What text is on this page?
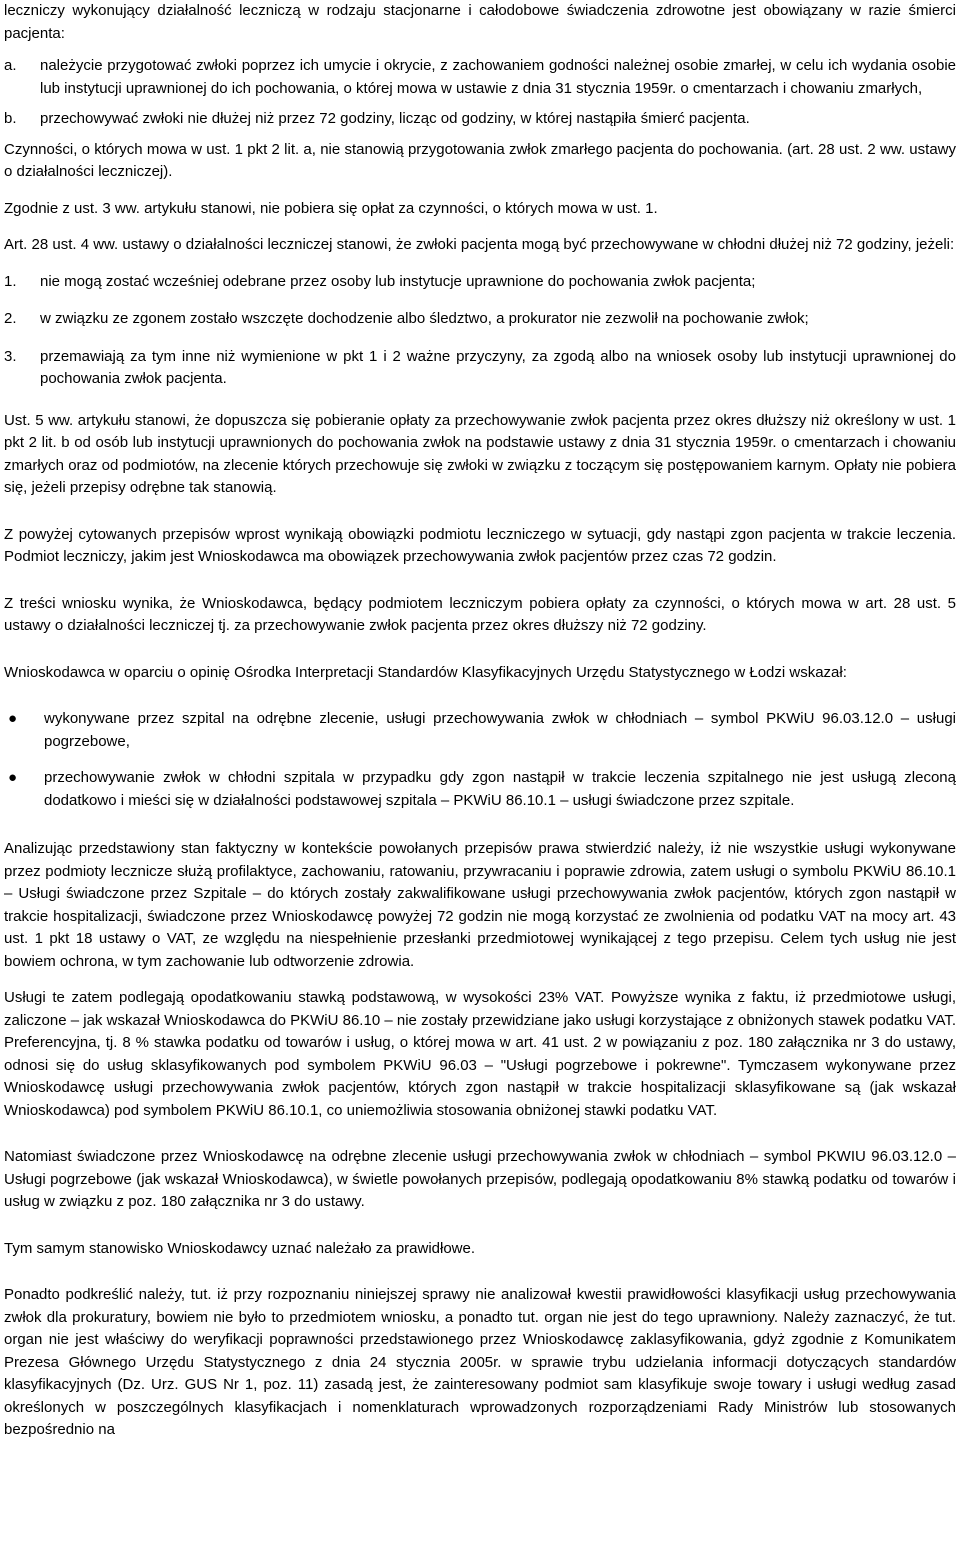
leczniczy wykonujący działalność leczniczą w rodzaju stacjonarne i całodobowe świadczenia zdrowotne jest obowiązany w razie śmierci pacjenta:

a.	należycie przygotować zwłoki poprzez ich umycie i okrycie, z zachowaniem godności należnej osobie zmarłej, w celu ich wydania osobie lub instytucji uprawnionej do ich pochowania, o której mowa w ustawie z dnia 31 stycznia 1959r. o cmentarzach i chowaniu zmarłych,
b.	przechowywać zwłoki nie dłużej niż przez 72 godziny, licząc od godziny, w której nastąpiła śmierć pacjenta.

Czynności, o których mowa w ust. 1 pkt 2 lit. a, nie stanowią przygotowania zwłok zmarłego pacjenta do pochowania. (art. 28 ust. 2 ww. ustawy o działalności leczniczej).

Zgodnie z ust. 3 ww. artykułu stanowi, nie pobiera się opłat za czynności, o których mowa w ust. 1.

Art. 28 ust. 4 ww. ustawy o działalności leczniczej stanowi, że zwłoki pacjenta mogą być przechowywane w chłodni dłużej niż 72 godziny, jeżeli:

1.	nie mogą zostać wcześniej odebrane przez osoby lub instytucje uprawnione do pochowania zwłok pacjenta;
2.	w związku ze zgonem zostało wszczęte dochodzenie albo śledztwo, a prokurator nie zezwolił na pochowanie zwłok;
3.	przemawiają za tym inne niż wymienione w pkt 1 i 2 ważne przyczyny, za zgodą albo na wniosek osoby lub instytucji uprawnionej do pochowania zwłok pacjenta.

Ust. 5 ww. artykułu stanowi, że dopuszcza się pobieranie opłaty za przechowywanie zwłok pacjenta przez okres dłuższy niż określony w ust. 1 pkt 2 lit. b od osób lub instytucji uprawnionych do pochowania zwłok na podstawie ustawy z dnia 31 stycznia 1959r. o cmentarzach i chowaniu zmarłych oraz od podmiotów, na zlecenie których przechowuje się zwłoki w związku z toczącym się postępowaniem karnym. Opłaty nie pobiera się, jeżeli przepisy odrębne tak stanowią.

Z powyżej cytowanych przepisów wprost wynikają obowiązki podmiotu leczniczego w sytuacji, gdy nastąpi zgon pacjenta w trakcie leczenia. Podmiot leczniczy, jakim jest Wnioskodawca ma obowiązek przechowywania zwłok pacjentów przez czas 72 godzin.

Z treści wniosku wynika, że Wnioskodawca, będący podmiotem leczniczym pobiera opłaty za czynności, o których mowa w art. 28 ust. 5 ustawy o działalności leczniczej tj. za przechowywanie zwłok pacjenta przez okres dłuższy niż 72 godziny.

Wnioskodawca w oparciu o opinię Ośrodka Interpretacji Standardów Klasyfikacyjnych Urzędu Statystycznego w Łodzi wskazał:

●	wykonywane przez szpital na odrębne zlecenie, usługi przechowywania zwłok w chłodniach – symbol PKWiU 96.03.12.0 – usługi pogrzebowe,
●	przechowywanie zwłok w chłodni szpitala w przypadku gdy zgon nastąpił w trakcie leczenia szpitalnego nie jest usługą zleconą dodatkowo i mieści się w działalności podstawowej szpitala – PKWiU 86.10.1 – usługi świadczone przez szpitale.

Analizując przedstawiony stan faktyczny w kontekście powołanych przepisów prawa stwierdzić należy, iż nie wszystkie usługi wykonywane przez podmioty lecznicze służą profilaktyce, zachowaniu, ratowaniu, przywracaniu i poprawie zdrowia, zatem usługi o symbolu PKWiU 86.10.1 – Usługi świadczone przez Szpitale – do których zostały zakwalifikowane usługi przechowywania zwłok pacjentów, których zgon nastąpił w trakcie hospitalizacji, świadczone przez Wnioskodawcę powyżej 72 godzin nie mogą korzystać ze zwolnienia od podatku VAT na mocy art. 43 ust. 1 pkt 18 ustawy o VAT, ze względu na niespełnienie przesłanki przedmiotowej wynikającej z tego przepisu. Celem tych usług nie jest bowiem ochrona, w tym zachowanie lub odtworzenie zdrowia.

Usługi te zatem podlegają opodatkowaniu stawką podstawową, w wysokości 23% VAT. Powyższe wynika z faktu, iż przedmiotowe usługi, zaliczone – jak wskazał Wnioskodawca do PKWiU 86.10 – nie zostały przewidziane jako usługi korzystające z obniżonych stawek podatku VAT. Preferencyjna, tj. 8 % stawka podatku od towarów i usług, o której mowa w art. 41 ust. 2 w powiązaniu z poz. 180 załącznika nr 3 do ustawy, odnosi się do usług sklasyfikowanych pod symbolem PKWiU 96.03 – "Usługi pogrzebowe i pokrewne". Tymczasem wykonywane przez Wnioskodawcę usługi przechowywania zwłok pacjentów, których zgon nastąpił w trakcie hospitalizacji sklasyfikowane są (jak wskazał Wnioskodawca) pod symbolem PKWiU 86.10.1, co uniemożliwia stosowania obniżonej stawki podatku VAT.

Natomiast świadczone przez Wnioskodawcę na odrębne zlecenie usługi przechowywania zwłok w chłodniach – symbol PKWIU 96.03.12.0 – Usługi pogrzebowe (jak wskazał Wnioskodawca), w świetle powołanych przepisów, podlegają opodatkowaniu 8% stawką podatku od towarów i usług w związku z poz. 180 załącznika nr 3 do ustawy.

Tym samym stanowisko Wnioskodawcy uznać należało za prawidłowe.

Ponadto podkreślić należy, tut. iż przy rozpoznaniu niniejszej sprawy nie analizował kwestii prawidłowości klasyfikacji usług przechowywania zwłok dla prokuratury, bowiem nie było to przedmiotem wniosku, a ponadto tut. organ nie jest do tego uprawniony. Należy zaznaczyć, że tut. organ nie jest właściwy do weryfikacji poprawności przedstawionego przez Wnioskodawcę zaklasyfikowania, gdyż zgodnie z Komunikatem Prezesa Głównego Urzędu Statystycznego z dnia 24 stycznia 2005r. w sprawie trybu udzielania informacji dotyczących standardów klasyfikacyjnych (Dz. Urz. GUS Nr 1, poz. 11) zasadą jest, że zainteresowany podmiot sam klasyfikuje swoje towary i usługi według zasad określonych w poszczególnych klasyfikacjach i nomenklaturach wprowadzonych rozporządzeniami Rady Ministrów lub stosowanych bezpośrednio na
